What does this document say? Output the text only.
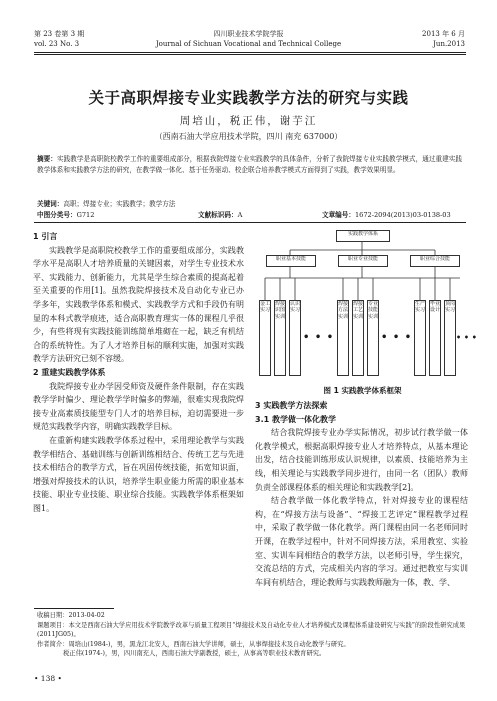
第 23 卷第 3 期
vol. 23 No. 3
四川职业技术学院学报
Journal of Sichuan Vocational and Technical College
2013 年 6 月
Jun.2013
关于高职焊接专业实践教学方法的研究与实践
周培山，税正伟，谢芋江
（西南石油大学应用技术学院，四川 南充 637000）
摘要：实践教学是高职院校教学工作的重要组成部分，根据我院焊接专业实践教学的具体条件，分析了我院焊接专业实践教学模式，通过重建实践教学体系和实践教学方法的研究，在教学做一体化、基于任务驱动、校企联合培养教学模式方面得到了实践，教学效果明显。
关键词：高职；焊接专业；实践教学；教学方法
中图分类号：G712	文献标识码：A	文章编号：1672-2094(2013)03-0138-03
1 引言

实践教学是高职院校教学工作的重要组成部分，实践教学水平是高职人才培养质量的关键因素，对学生专业技术水平、实践能力、创新能力，尤其是学生综合素质的提高起着至关重要的作用[1]。虽然我院焊接技术及自动化专业已办学多年，实践教学体系和模式、实践教学方式和手段仍有明显的本科式教学痕迹，适合高职教育理实一体的课程几乎很少，有些将现有实践技能训练简单堆砌在一起，缺乏有机结合的系统特性。为了人才培养目标的顺利实施，加强对实践教学方法研究已刻不容缓。

2 重建实践教学体系

我院焊接专业办学因受师资及硬件条件限制，存在实践教学学时偏少、理论教学学时偏多的弊端，很难实现我院焊接专业高素质技能型专门人才的培养目标，迫切需要进一步规范实践教学内容，明确实践教学目标。

在重新构建实践教学体系过程中，采用理论教学与实践教学相结合、基础训练与创新训练相结合、传统工艺与先进技术相结合的教学方式，旨在巩固传统技能，拓宽知识面，增强对焊接技术的认识，培养学生职业能力所需的职业基本技能、职业专业技能、职业综合技能。实践教学体系框架如图1。

实践教学体系
职业基本技能	职业专业技能	职业综合技能
金工实习
焊接识图实训
认识实习
焊接方法实训
焊接工艺实训
专业技能实训
生产实习
毕业设计
顶岗实习
• • •	• • •	• • •
图 1 实践教学体系框架
3 实践教学方法探索
3.1 教学做一体化教学

结合我院焊接专业办学实际情况，初步试行教学做一体化教学模式，根据高职焊接专业人才培养特点，从基本理论出发，结合技能训练形成认识规律，以素质、技能培养为主线，相关理论与实践教学同步进行，由同一名（团队）教师负责全部课程体系的相关理论和实践教学[2]。

结合教学做一体化教学特点，针对焊接专业的课程结构，在“焊接方法与设备”、“焊接工艺评定”课程教学过程中，采取了教学做一体化教学。两门课程由同一名老师同时开课，在教学过程中，针对不同焊接方法，采用教室、实验室、实训车间相结合的教学方法，以老师引导，学生探究，交流总结的方式，完成相关内容的学习。通过把教室与实训车间有机结合，理论教师与实践教师融为一体，教、学、

收稿日期：2013-04-02
课题项目：本文是西南石油大学应用技术学院教学改革与质量工程项目“焊接技术及自动化专业人才培养模式及课程体系建设研究与实践”的阶段性研究成果(2011JG05)。
作者简介：周培山(1984-)，男，黑龙江北安人，西南石油大学讲师，硕士，从事焊接技术及自动化教学与研究。
税正伟(1974-)，男，四川南充人，西南石油大学副教授，硕士，从事高等职业技术教育研究。
• 138 •
